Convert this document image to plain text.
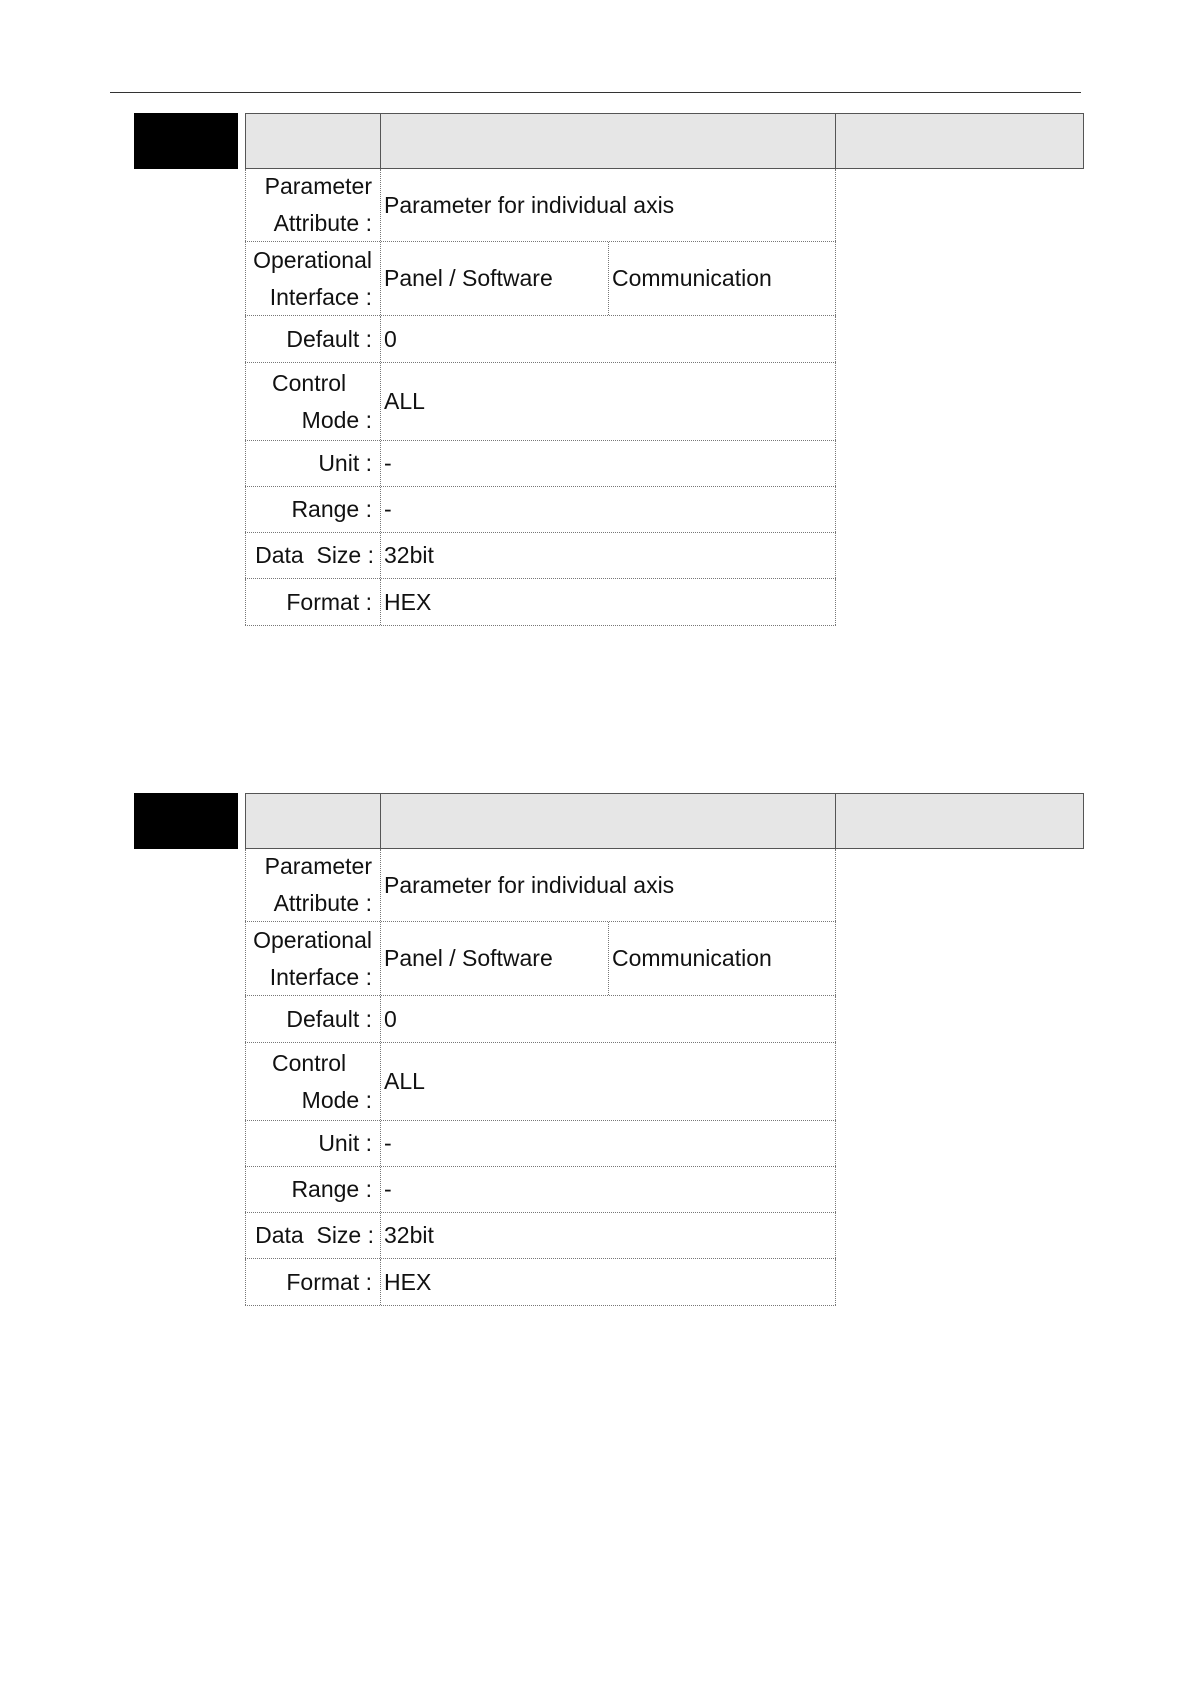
Parameter
Attribute :
Parameter for individual axis
Operational
Interface :
Panel / Software	Communication
Default : 0
Control
Mode :
ALL
Unit : -
Range : -
Data  Size : 32bit
Format : HEX
Parameter
Attribute :
Parameter for individual axis
Operational
Interface :
Panel / Software	Communication
Default : 0
Control
Mode :
ALL
Unit : -
Range : -
Data  Size : 32bit
Format : HEX
